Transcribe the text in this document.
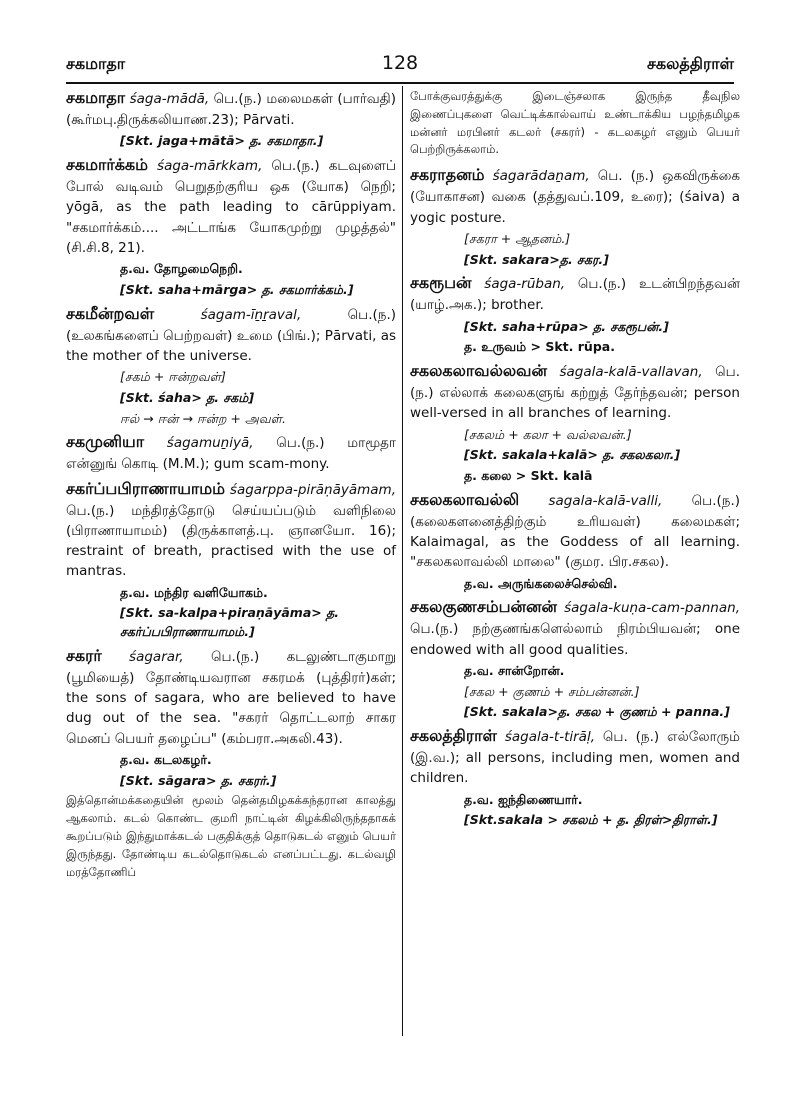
சகமாதா	128	சகலத்திராள்
சகமாதா śaga-mādā, பெ.(ந.) மலைமகள் (பார்வதி) (கூர்மபு.திருக்கலியாண.23); Pārvati.
[Skt. jaga+mātā> த. சகமாதா.]
சகமார்க்கம் śaga-mārkkam, பெ.(ந.) கடவுளைப் போல் வடிவம் பெறுதற்குரிய ஒக (யோக) நெறி; yōgā, as the path leading to cārūppiyam. "சகமார்க்கம்.... அட்டாங்க யோகமுற்று முழத்தல்" (சி.சி.8, 21).
த.வ. தோழமைநெறி.
[Skt. saha+mārga> த. சகமார்க்கம்.]
சகமீன்றவள்	śagam-īṉṟaval, பெ.(ந.) (உலகங்களைப் பெற்றவள்) உமை (பிங்.); Pārvati, as the mother of the universe.
[சகம் + ஈன்றவள்]
[Skt. śaha> த. சகம்]
ஈல் → ஈன் → ஈன்ற + அவள்.
சகமுனியா śagamuṉiyā, பெ.(ந.) மாமூதா என்னுங் கொடி (M.M.); gum scam-mony.
சகர்ப்பபிராணாயாமம் śagarppa-pirāṇāyāmam, பெ.(ந.) மந்திரத்தோடு செய்யப்படும் வளிநிலை (பிராணாயாமம்) (திருக்காளத்.பு. ஞானயோ. 16); restraint of breath, practised with the use of mantras.
த.வ. மந்திர வளியோகம்.
[Skt. sa-kalpa+piraṇāyāma> த. சகர்ப்பபிராணாயாமம்.]
சகரர் śagarar, பெ.(ந.) கடலுண்டாகுமாறு (பூமியைத்) தோண்டியவரான சகரமக் (புத்திரர்)கள்; the sons of sagara, who are believed to have dug out of the sea. "சகரர் தொட்டலாற் சாகர மெனப் பெயர் தழைப்ப" (கம்பரா.அகலி.43).
த.வ. கடலகழர்.
[Skt. sāgara> த. சகரர்.]
இத்தொன்மக்கதையின் மூலம் தென்தமிழகக்கந்தரான காலத்து ஆகலாம். கடல் கொண்ட குமரி நாட்டின் கிழக்கிலிருந்ததாகக் கூறப்படும் இந்துமாக்கடல் பகுதிக்குத் தொடுகடல் எனும் பெயர் இருந்தது. தோண்டிய கடல்தொடுகடல் எனப்பட்டது. கடல்வழி மரத்தோணிப்
போக்குவரத்துக்கு இடைஞ்சலாக இருந்த தீவுநில இணைப்புகளை வெட்டிக்கால்வாய் உண்டாக்கிய பழந்தமிழக மன்னர் மரபினர் கடலர் (சகரர்) - கடலகழர் எனும் பெயர் பெற்றிருக்கலாம்.
சகராதனம் śagarādaṉam, பெ. (ந.) ஒகவிருக்கை (யோகாசன) வகை (தத்துவப்.109, உரை); (śaiva) a yogic posture.
[சகரா + ஆதனம்.]
[Skt. sakara>த. சகர.]
சகரூபன் śaga-rūban, பெ.(ந.) உடன்பிறந்தவன் (யாழ்.அக.); brother.
[Skt. saha+rūpa> த. சகரூபன்.]
த. உருவம் > Skt. rūpa.
சகலகலாவல்லவன் śagala-kalā-vallavan, பெ.(ந.) எல்லாக் கலைகளுங் கற்றுத் தேர்ந்தவன்; person well-versed in all branches of learning.
[சகலம் + கலா + வல்லவன்.]
[Skt. sakala+kalā> த. சகலகலா.]
த. கலை > Skt. kalā
சகலகலாவல்லி sagala-kalā-valli, பெ.(ந.) (கலைகளனைத்திற்கும் உரியவள்) கலைமகள்; Kalaimagal, as the Goddess of all learning. "சகலகலாவல்லி மாலை" (குமர. பிர.சகல).
த.வ. அருங்கலைச்செல்வி.
சகலகுணசம்பன்னன் śagala-kuṇa-cam-pannan, பெ.(ந.) நற்குணங்களெல்லாம் நிரம்பியவன்; one endowed with all good qualities.
த.வ. சான்றோன்.
[சகல + குணம் + சம்பன்னன்.]
[Skt. sakala>த. சகல + குணம் + panna.]
சகலத்திராள் śagala-t-tirāḷ, பெ. (ந.) எல்லோரும் (இ.வ.); all persons, including men, women and children.
த.வ. ஐந்திணையார்.
[Skt.sakala > சகலம் + த. திரள்>திராள்.]
